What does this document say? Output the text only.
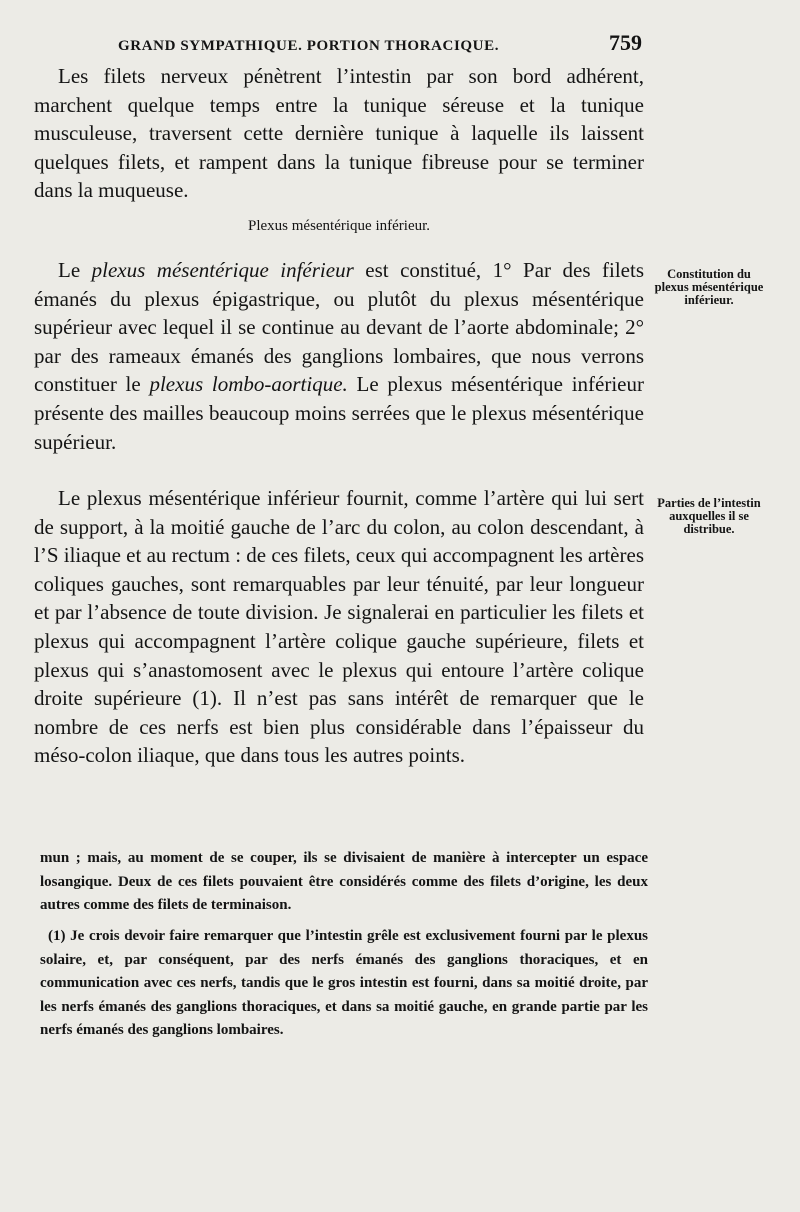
GRAND SYMPATHIQUE. PORTION THORACIQUE.	759

Les filets nerveux pénètrent l’intestin par son bord adhérent, marchent quelque temps entre la tunique séreuse et la tunique musculeuse, traversent cette dernière tunique à laquelle ils laissent quelques filets, et rampent dans la tunique fibreuse pour se terminer dans la muqueuse.

Plexus mésentérique inférieur.

Le plexus mésentérique inférieur est constitué, 1° Par des filets émanés du plexus épigastrique, ou plutôt du plexus mésentérique supérieur avec lequel il se continue au devant de l’aorte abdominale; 2° par des rameaux émanés des ganglions lombaires, que nous verrons constituer le plexus lombo-aortique. Le plexus mésentérique inférieur présente des mailles beaucoup moins serrées que le plexus mésentérique supérieur.

Le plexus mésentérique inférieur fournit, comme l’artère qui lui sert de support, à la moitié gauche de l’arc du colon, au colon descendant, à l’S iliaque et au rectum : de ces filets, ceux qui accompagnent les artères coliques gauches, sont remarquables par leur ténuité, par leur longueur et par l’absence de toute division. Je signalerai en particulier les filets et plexus qui accompagnent l’artère colique gauche supérieure, filets et plexus qui s’anastomosent avec le plexus qui entoure l’artère colique droite supérieure (1). Il n’est pas sans intérêt de remarquer que le nombre de ces nerfs est bien plus considérable dans l’épaisseur du méso-colon iliaque, que dans tous les autres points.

Constitution du plexus mésentérique inférieur.
Parties de l’intestin auxquelles il se distribue.

mun ; mais, au moment de se couper, ils se divisaient de manière à intercepter un espace losangique. Deux de ces filets pouvaient être considérés comme des filets d’origine, les deux autres comme des filets de terminaison.

(1) Je crois devoir faire remarquer que l’intestin grêle est exclusivement fourni par le plexus solaire, et, par conséquent, par des nerfs émanés des ganglions thoraciques, et en communication avec ces nerfs, tandis que le gros intestin est fourni, dans sa moitié droite, par les nerfs émanés des ganglions thoraciques, et dans sa moitié gauche, en grande partie par les nerfs émanés des ganglions lombaires.
